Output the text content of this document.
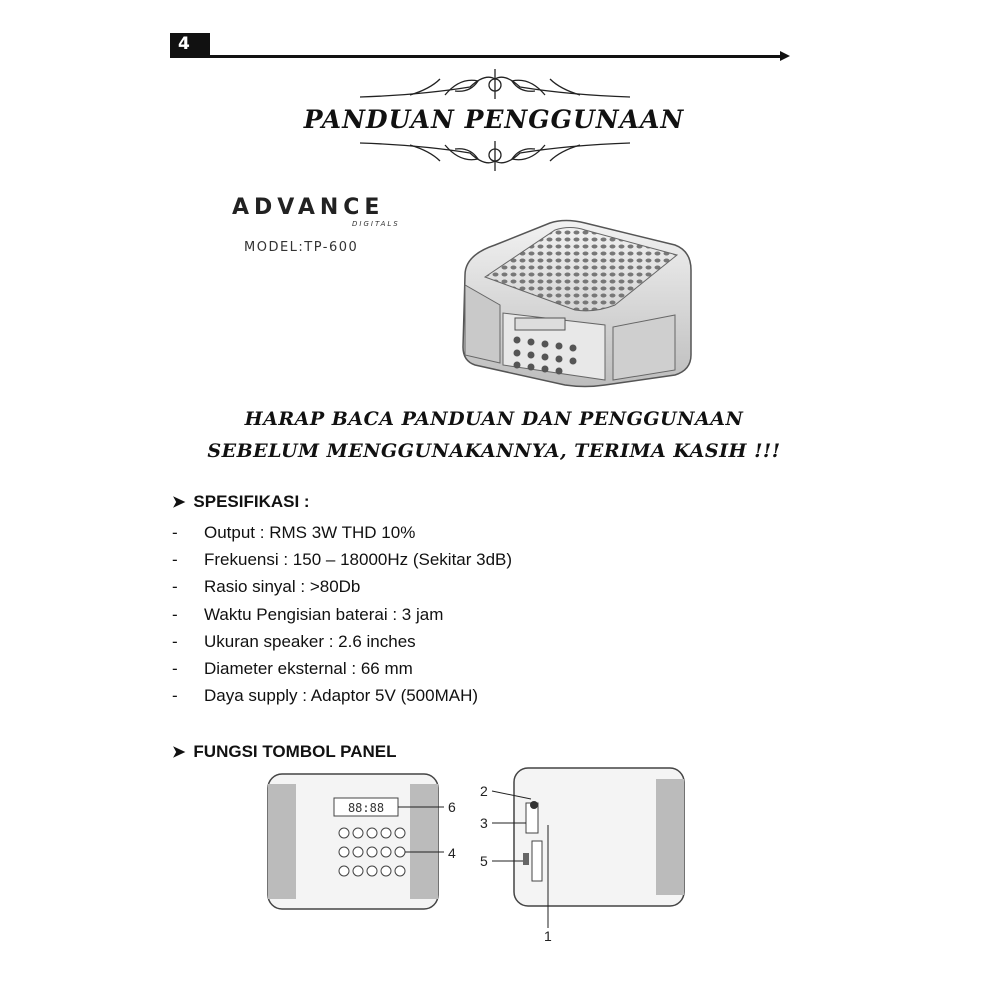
4
PANDUAN PENGGUNAAN
ADVANCE
DIGITALS
MODEL:TP-600
HARAP BACA PANDUAN DAN PENGGUNAAN
SEBELUM MENGGUNAKANNYA, TERIMA KASIH !!!
➤ SPESIFIKASI :
-	Output : RMS 3W THD 10%
-	Frekuensi : 150 – 18000Hz (Sekitar 3dB)
-	Rasio sinyal : >80Db
-	Waktu Pengisian baterai : 3 jam
-	Ukuran speaker : 2.6 inches
-	Diameter eksternal : 66 mm
-	Daya supply : Adaptor 5V (500MAH)
➤ FUNGSI TOMBOL PANEL
88:88	6
4
2
3
5
1
